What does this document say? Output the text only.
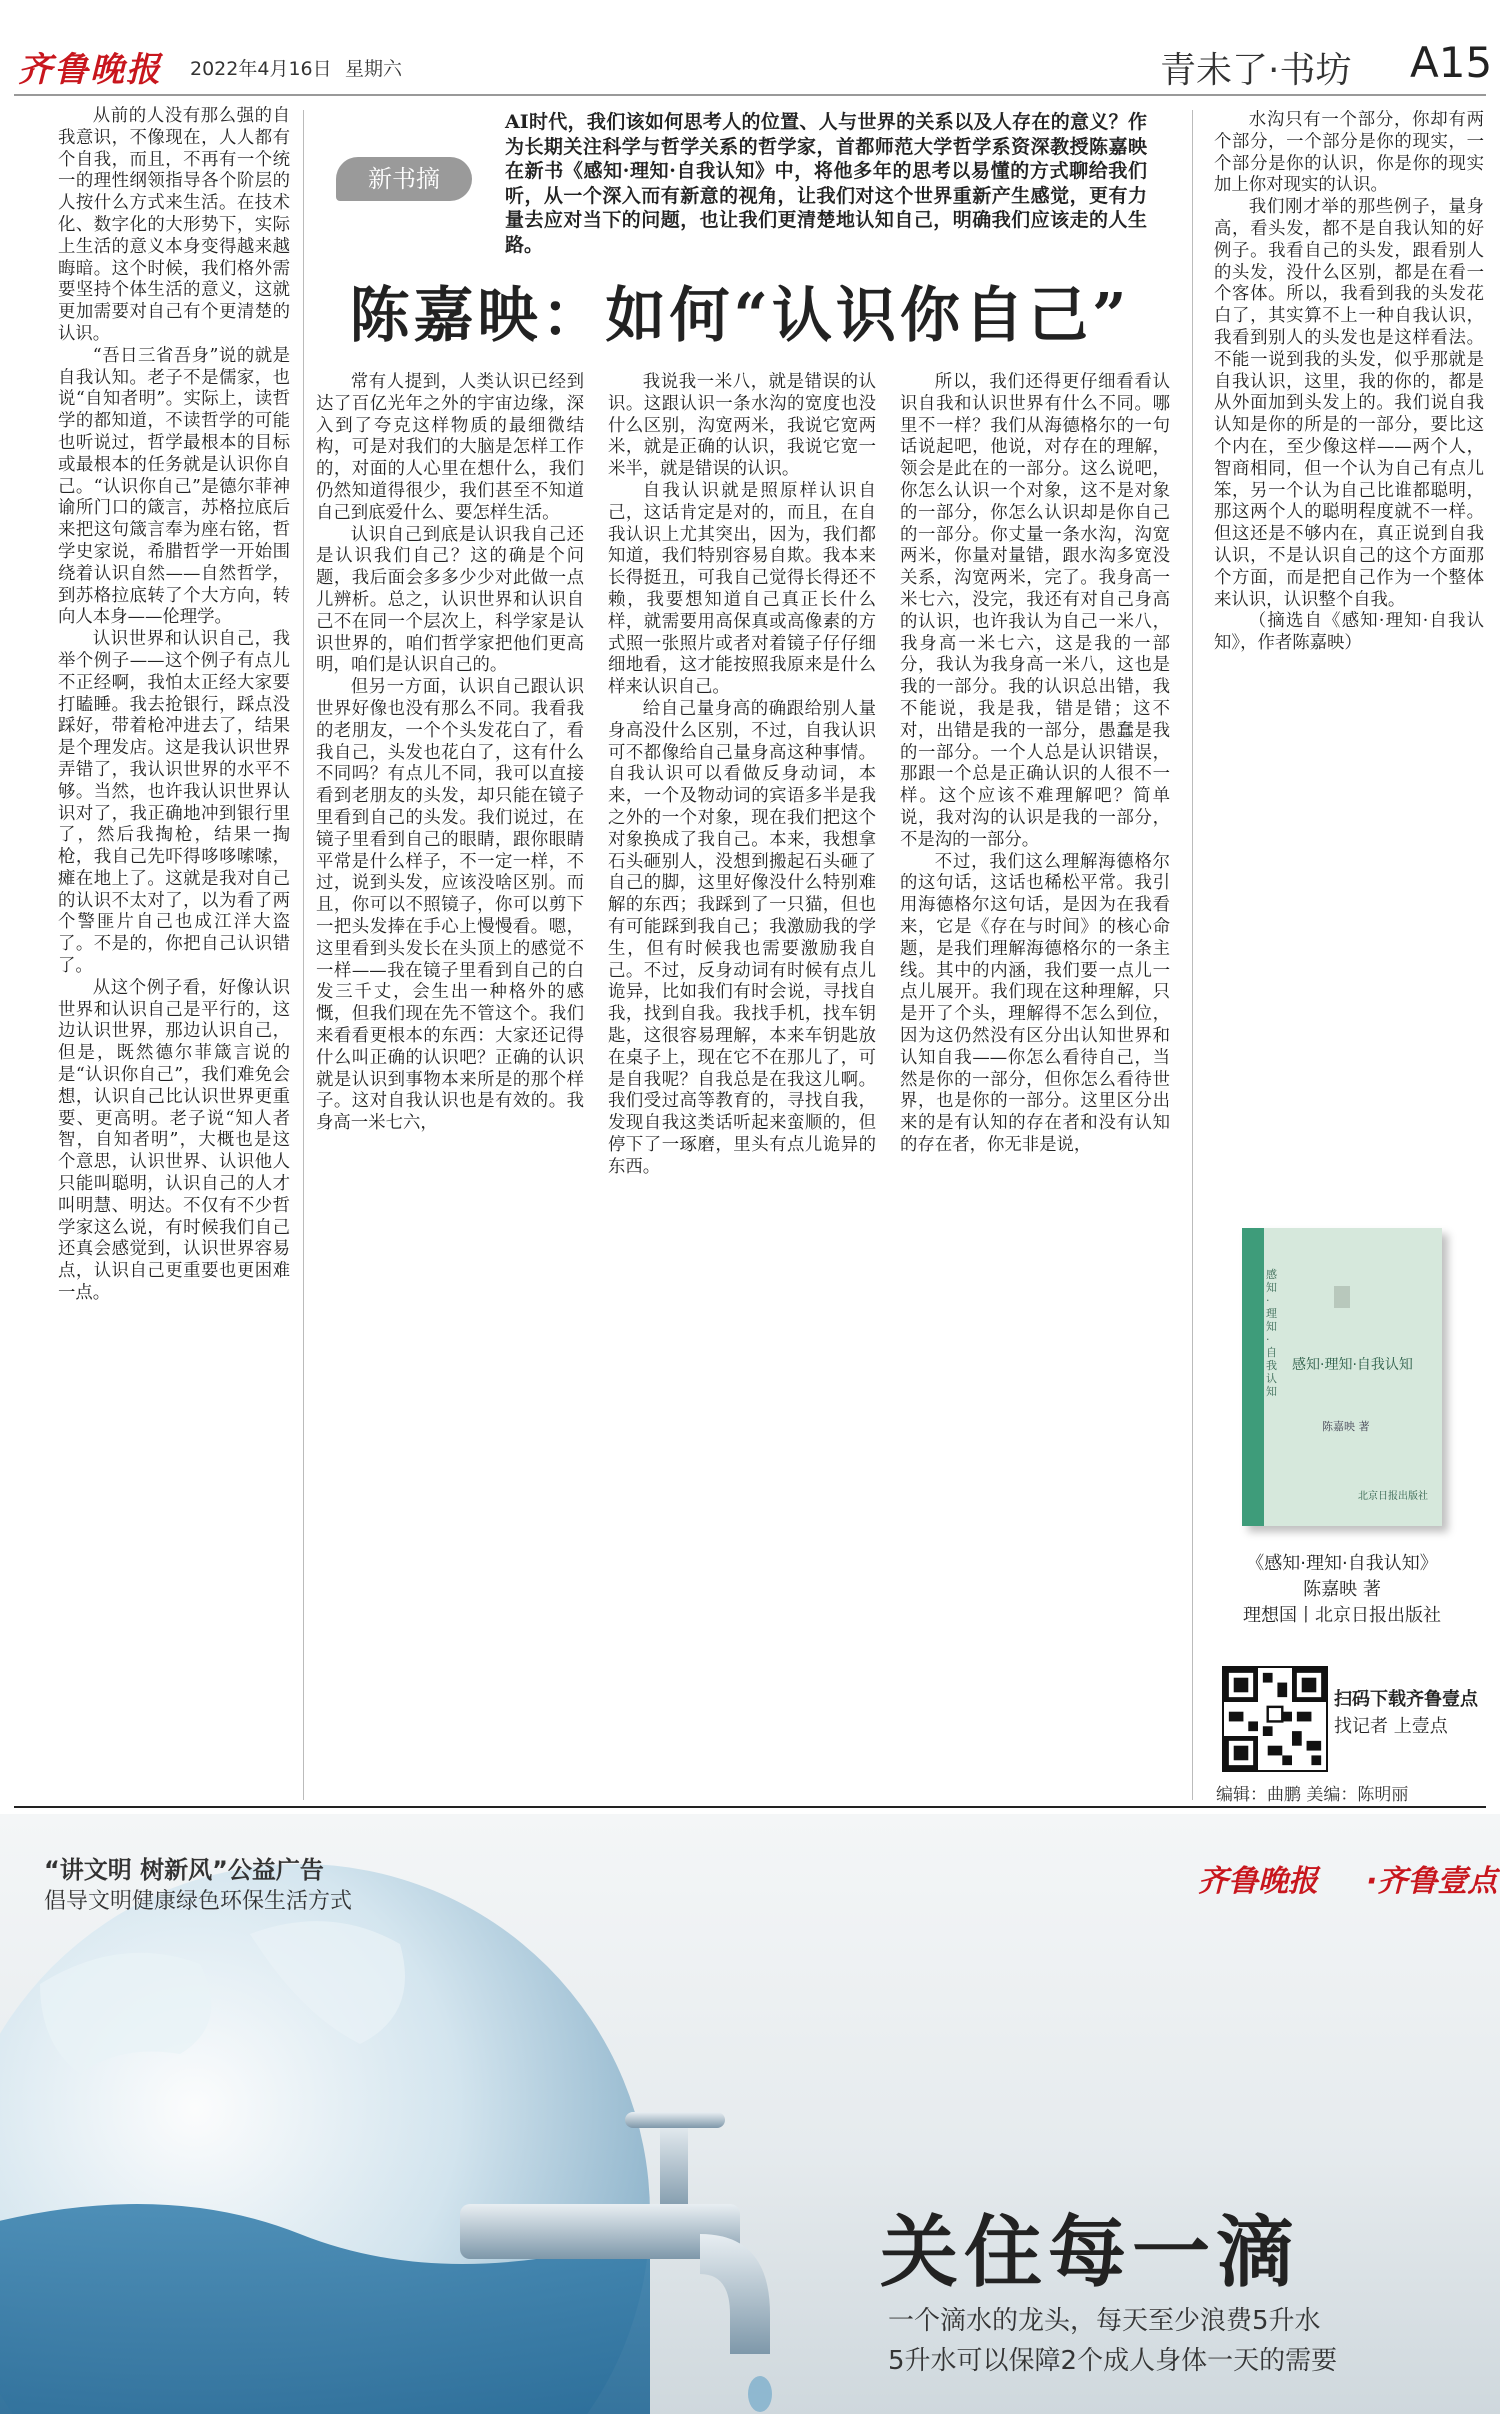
齐鲁晚报 2022年4月16日 星期六	青未了·书坊 A15
新书摘
AI时代，我们该如何思考人的位置、人与世界的关系以及人存在的意义？作为长期关注科学与哲学关系的哲学家，首都师范大学哲学系资深教授陈嘉映在新书《感知·理知·自我认知》中，将他多年的思考以易懂的方式聊给我们听，从一个深入而有新意的视角，让我们对这个世界重新产生感觉，更有力量去应对当下的问题，也让我们更清楚地认知自己，明确我们应该走的人生路。
陈嘉映：如何“认识你自己”

从前的人没有那么强的自我意识，不像现在，人人都有个自我，而且，不再有一个统一的理性纲领指导各个阶层的人按什么方式来生活。在技术化、数字化的大形势下，实际上生活的意义本身变得越来越晦暗。这个时候，我们格外需要坚持个体生活的意义，这就更加需要对自己有个更清楚的认识。

“吾日三省吾身”说的就是自我认知。老子不是儒家，也说“自知者明”。实际上，读哲学的都知道，不读哲学的可能也听说过，哲学最根本的目标或最根本的任务就是认识你自己。“认识你自己”是德尔菲神谕所门口的箴言，苏格拉底后来把这句箴言奉为座右铭，哲学史家说，希腊哲学一开始围绕着认识自然——自然哲学，到苏格拉底转了个大方向，转向人本身——伦理学。

认识世界和认识自己，我举个例子——这个例子有点儿不正经啊，我怕太正经大家要打瞌睡。我去抢银行，踩点没踩好，带着枪冲进去了，结果是个理发店。这是我认识世界弄错了，我认识世界的水平不够。当然，也许我认识世界认识对了，我正确地冲到银行里了，然后我掏枪，结果一掏枪，我自己先吓得哆哆嗦嗦，瘫在地上了。这就是我对自己的认识不太对了，以为看了两个警匪片自己也成江洋大盗了。不是的，你把自己认识错了。

从这个例子看，好像认识世界和认识自己是平行的，这边认识世界，那边认识自己，但是，既然德尔菲箴言说的是“认识你自己”，我们难免会想，认识自己比认识世界更重要、更高明。老子说“知人者智，自知者明”，大概也是这个意思，认识世界、认识他人只能叫聪明，认识自己的人才叫明慧、明达。不仅有不少哲学家这么说，有时候我们自己还真会感觉到，认识世界容易点，认识自己更重要也更困难一点。

常有人提到，人类认识已经到达了百亿光年之外的宇宙边缘，深入到了夸克这样物质的最细微结构，可是对我们的大脑是怎样工作的，对面的人心里在想什么，我们仍然知道得很少，我们甚至不知道自己到底爱什么、要怎样生活。

认识自己到底是认识我自己还是认识我们自己？这的确是个问题，我后面会多多少少对此做一点儿辨析。总之，认识世界和认识自己不在同一个层次上，科学家是认识世界的，咱们哲学家把他们更高明，咱们是认识自己的。

但另一方面，认识自己跟认识世界好像也没有那么不同。我看我的老朋友，一个个头发花白了，看我自己，头发也花白了，这有什么不同吗？有点儿不同，我可以直接看到老朋友的头发，却只能在镜子里看到自己的头发。我们说过，在镜子里看到自己的眼睛，跟你眼睛平常是什么样子，不一定一样，不过，说到头发，应该没啥区别。而且，你可以不照镜子，你可以剪下一把头发捧在手心上慢慢看。嗯，这里看到头发长在头顶上的感觉不一样——我在镜子里看到自己的白发三千丈，会生出一种格外的感慨，但我们现在先不管这个。我们来看看更根本的东西：大家还记得什么叫正确的认识吧？正确的认识就是认识到事物本来所是的那个样子。这对自我认识也是有效的。我身高一米七六，

我说我一米八，就是错误的认识。这跟认识一条水沟的宽度也没什么区别，沟宽两米，我说它宽两米，就是正确的认识，我说它宽一米半，就是错误的认识。

自我认识就是照原样认识自己，这话肯定是对的，而且，在自我认识上尤其突出，因为，我们都知道，我们特别容易自欺。我本来长得挺丑，可我自己觉得长得还不赖，我要想知道自己真正长什么样，就需要用高保真或高像素的方式照一张照片或者对着镜子仔仔细细地看，这才能按照我原来是什么样来认识自己。

给自己量身高的确跟给别人量身高没什么区别，不过，自我认识可不都像给自己量身高这种事情。自我认识可以看做反身动词，本来，一个及物动词的宾语多半是我之外的一个对象，现在我们把这个对象换成了我自己。本来，我想拿石头砸别人，没想到搬起石头砸了自己的脚，这里好像没什么特别难解的东西；我踩到了一只猫，但也有可能踩到我自己；我激励我的学生，但有时候我也需要激励我自己。不过，反身动词有时候有点儿诡异，比如我们有时会说，寻找自我，找到自我。我找手机，找车钥匙，这很容易理解，本来车钥匙放在桌子上，现在它不在那儿了，可是自我呢？自我总是在我这儿啊。我们受过高等教育的，寻找自我，发现自我这类话听起来蛮顺的，但停下了一琢磨，里头有点儿诡异的东西。

所以，我们还得更仔细看看认识自我和认识世界有什么不同。哪里不一样？我们从海德格尔的一句话说起吧，他说，对存在的理解，领会是此在的一部分。这么说吧，你怎么认识一个对象，这不是对象的一部分，你怎么认识却是你自己的一部分。你丈量一条水沟，沟宽两米，你量对量错，跟水沟多宽没关系，沟宽两米，完了。我身高一米七六，没完，我还有对自己身高的认识，也许我认为自己一米八，我身高一米七六，这是我的一部分，我认为我身高一米八，这也是我的一部分。我的认识总出错，我不能说，我是我，错是错；这不对，出错是我的一部分，愚蠢是我的一部分。一个人总是认识错误，那跟一个总是正确认识的人很不一样。这个应该不难理解吧？简单说，我对沟的认识是我的一部分，不是沟的一部分。

不过，我们这么理解海德格尔的这句话，这话也稀松平常。我引用海德格尔这句话，是因为在我看来，它是《存在与时间》的核心命题，是我们理解海德格尔的一条主线。其中的内涵，我们要一点儿一点儿展开。我们现在这种理解，只是开了个头，理解得不怎么到位，因为这仍然没有区分出认知世界和认知自我——你怎么看待自己，当然是你的一部分，但你怎么看待世界，也是你的一部分。这里区分出来的是有认知的存在者和没有认知的存在者，你无非是说，

水沟只有一个部分，你却有两个部分，一个部分是你的现实，一个部分是你的认识，你是你的现实加上你对现实的认识。

我们刚才举的那些例子，量身高，看头发，都不是自我认知的好例子。我看自己的头发，跟看别人的头发，没什么区别，都是在看一个客体。所以，我看到我的头发花白了，其实算不上一种自我认识，我看到别人的头发也是这样看法。不能一说到我的头发，似乎那就是自我认识，这里，我的你的，都是从外面加到头发上的。我们说自我认知是你的所是的一部分，要比这个内在，至少像这样——两个人，智商相同，但一个认为自己有点儿笨，另一个认为自己比谁都聪明，那这两个人的聪明程度就不一样。但这还是不够内在，真正说到自我认识，不是认识自己的这个方面那个方面，而是把自己作为一个整体来认识，认识整个自我。

（摘选自《感知·理知·自我认知》，作者陈嘉映）

感知·理知·自我认知
感知·理知·自我认知
陈嘉映 著
北京日报出版社
《感知·理知·自我认知》
陈嘉映 著
理想国丨北京日报出版社
扫码下载齐鲁壹点
找记者 上壹点
编辑：曲鹏 美编：陈明丽
“讲文明 树新风”公益广告
倡导文明健康绿色环保生活方式
齐鲁晚报 ·齐鲁壹点
关住每一滴
一个滴水的龙头，每天至少浪费5升水
5升水可以保障2个成人身体一天的需要
